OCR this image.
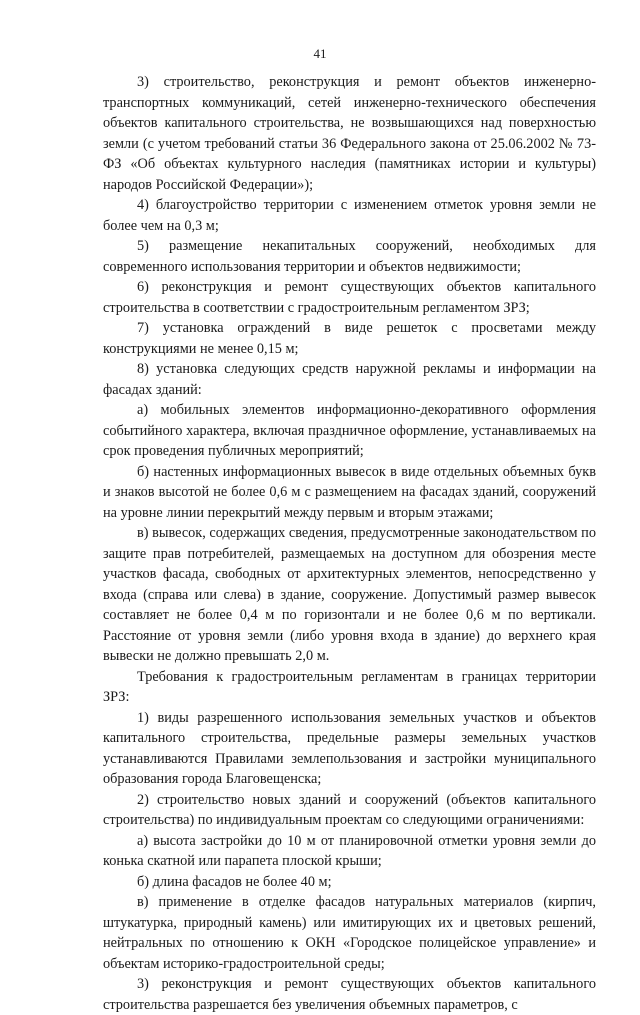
41

3) строительство, реконструкция и ремонт объектов инженерно-транспортных коммуникаций, сетей инженерно-технического обеспечения объектов капитального строительства, не возвышающихся над поверхностью земли (с учетом требований статьи 36 Федерального закона от 25.06.2002 № 73-ФЗ «Об объектах культурного наследия (памятниках истории и культуры) народов Российской Федерации»);

4) благоустройство территории с изменением отметок уровня земли не более чем на 0,3 м;

5) размещение некапитальных сооружений, необходимых для современного использования территории и объектов недвижимости;

6) реконструкция и ремонт существующих объектов капитального строительства в соответствии с градостроительным регламентом ЗРЗ;

7) установка ограждений в виде решеток с просветами между конструкциями не менее 0,15 м;

8) установка следующих средств наружной рекламы и информации на фасадах зданий:

а) мобильных элементов информационно-декоративного оформления событийного характера, включая праздничное оформление, устанавливаемых на срок проведения публичных мероприятий;

б) настенных информационных вывесок в виде отдельных объемных букв и знаков высотой не более 0,6 м с размещением на фасадах зданий, сооружений на уровне линии перекрытий между первым и вторым этажами;

в) вывесок, содержащих сведения, предусмотренные законодательством по защите прав потребителей, размещаемых на доступном для обозрения месте участков фасада, свободных от архитектурных элементов, непосредственно у входа (справа или слева) в здание, сооружение. Допустимый размер вывесок составляет не более 0,4 м по горизонтали и не более 0,6 м по вертикали. Расстояние от уровня земли (либо уровня входа в здание) до верхнего края вывески не должно превышать 2,0 м.

Требования к градостроительным регламентам в границах территории ЗРЗ:

1) виды разрешенного использования земельных участков и объектов капитального строительства, предельные размеры земельных участков устанавливаются Правилами землепользования и застройки муниципального образования города Благовещенска;

2) строительство новых зданий и сооружений (объектов капитального строительства) по индивидуальным проектам со следующими ограничениями:

а) высота застройки до 10 м от планировочной отметки уровня земли до конька скатной или парапета плоской крыши;

б) длина фасадов не более 40 м;

в) применение в отделке фасадов натуральных материалов (кирпич, штукатурка, природный камень) или имитирующих их и цветовых решений, нейтральных по отношению к ОКН «Городское полицейское управление» и объектам историко-градостроительной среды;

3) реконструкция и ремонт существующих объектов капитального строительства разрешается без увеличения объемных параметров, с
